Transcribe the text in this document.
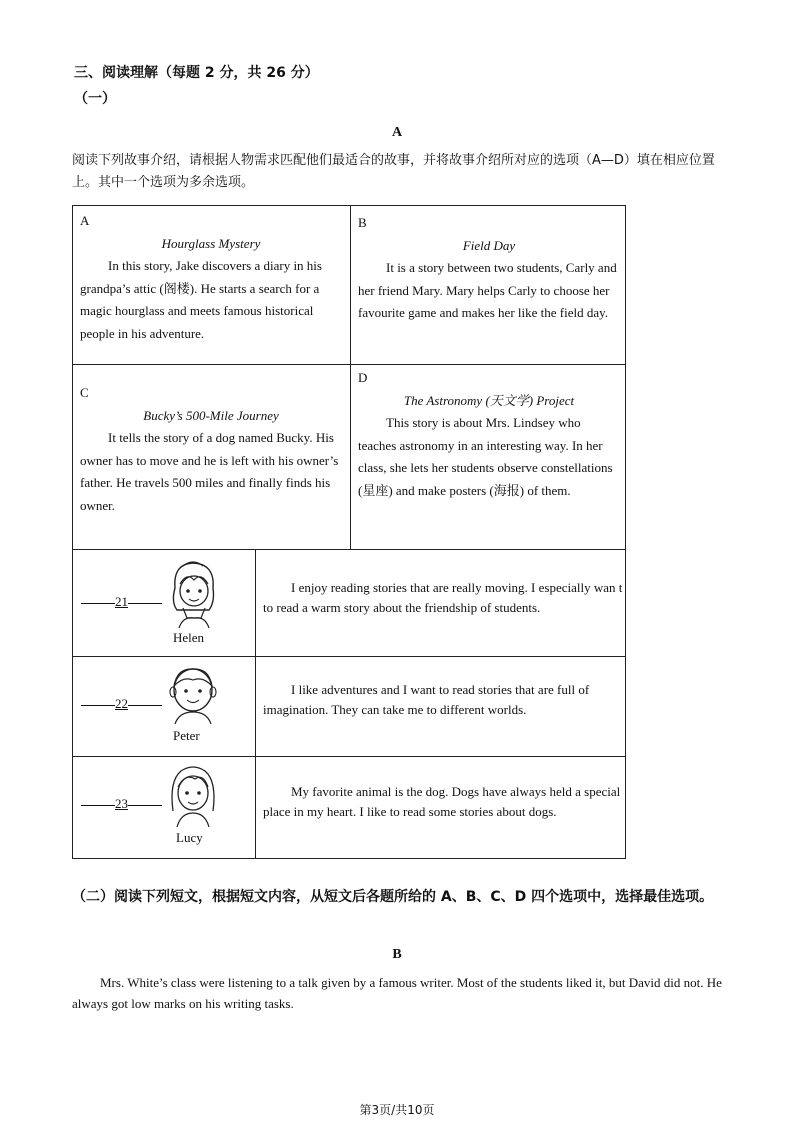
三、阅读理解（每题 2 分，共 26 分）
（一）
A
阅读下列故事介绍，请根据人物需求匹配他们最适合的故事，并将故事介绍所对应的选项（A—D）填在相应位置上。其中一个选项为多余选项。
A
Hourglass Mystery
In this story, Jake discovers a diary in his grandpa’s attic (阁楼). He starts a search for a magic hourglass and meets famous historical people in his adventure.
B
Field Day
It is a story between two students, Carly and her friend Mary. Mary helps Carly to choose her favourite game and makes her like the field day.
C
Bucky’s 500-Mile Journey
It tells the story of a dog named Bucky. His owner has to move and he is left with his owner’s father. He travels 500 miles and finally finds his owner.
D
The Astronomy (天文学) Project
This story is about Mrs. Lindsey who teaches astronomy in an interesting way. In her class, she lets her students observe constellations (星座) and make posters (海报) of them.
21
Helen

I enjoy reading stories that are really moving. I especially wan t to read a warm story about the friendship of students.

22
Peter

I like adventures and I want to read stories that are full of imagination. They can take me to different worlds.

23
Lucy

My favorite animal is the dog. Dogs have always held a special place in my heart. I like to read some stories about dogs.

（二）阅读下列短文，根据短文内容，从短文后各题所给的 A、B、C、D 四个选项中，选择最佳选项。
B
Mrs. White’s class were listening to a talk given by a famous writer. Most of the students liked it, but David did not. He always got low marks on his writing tasks.
第3页/共10页
